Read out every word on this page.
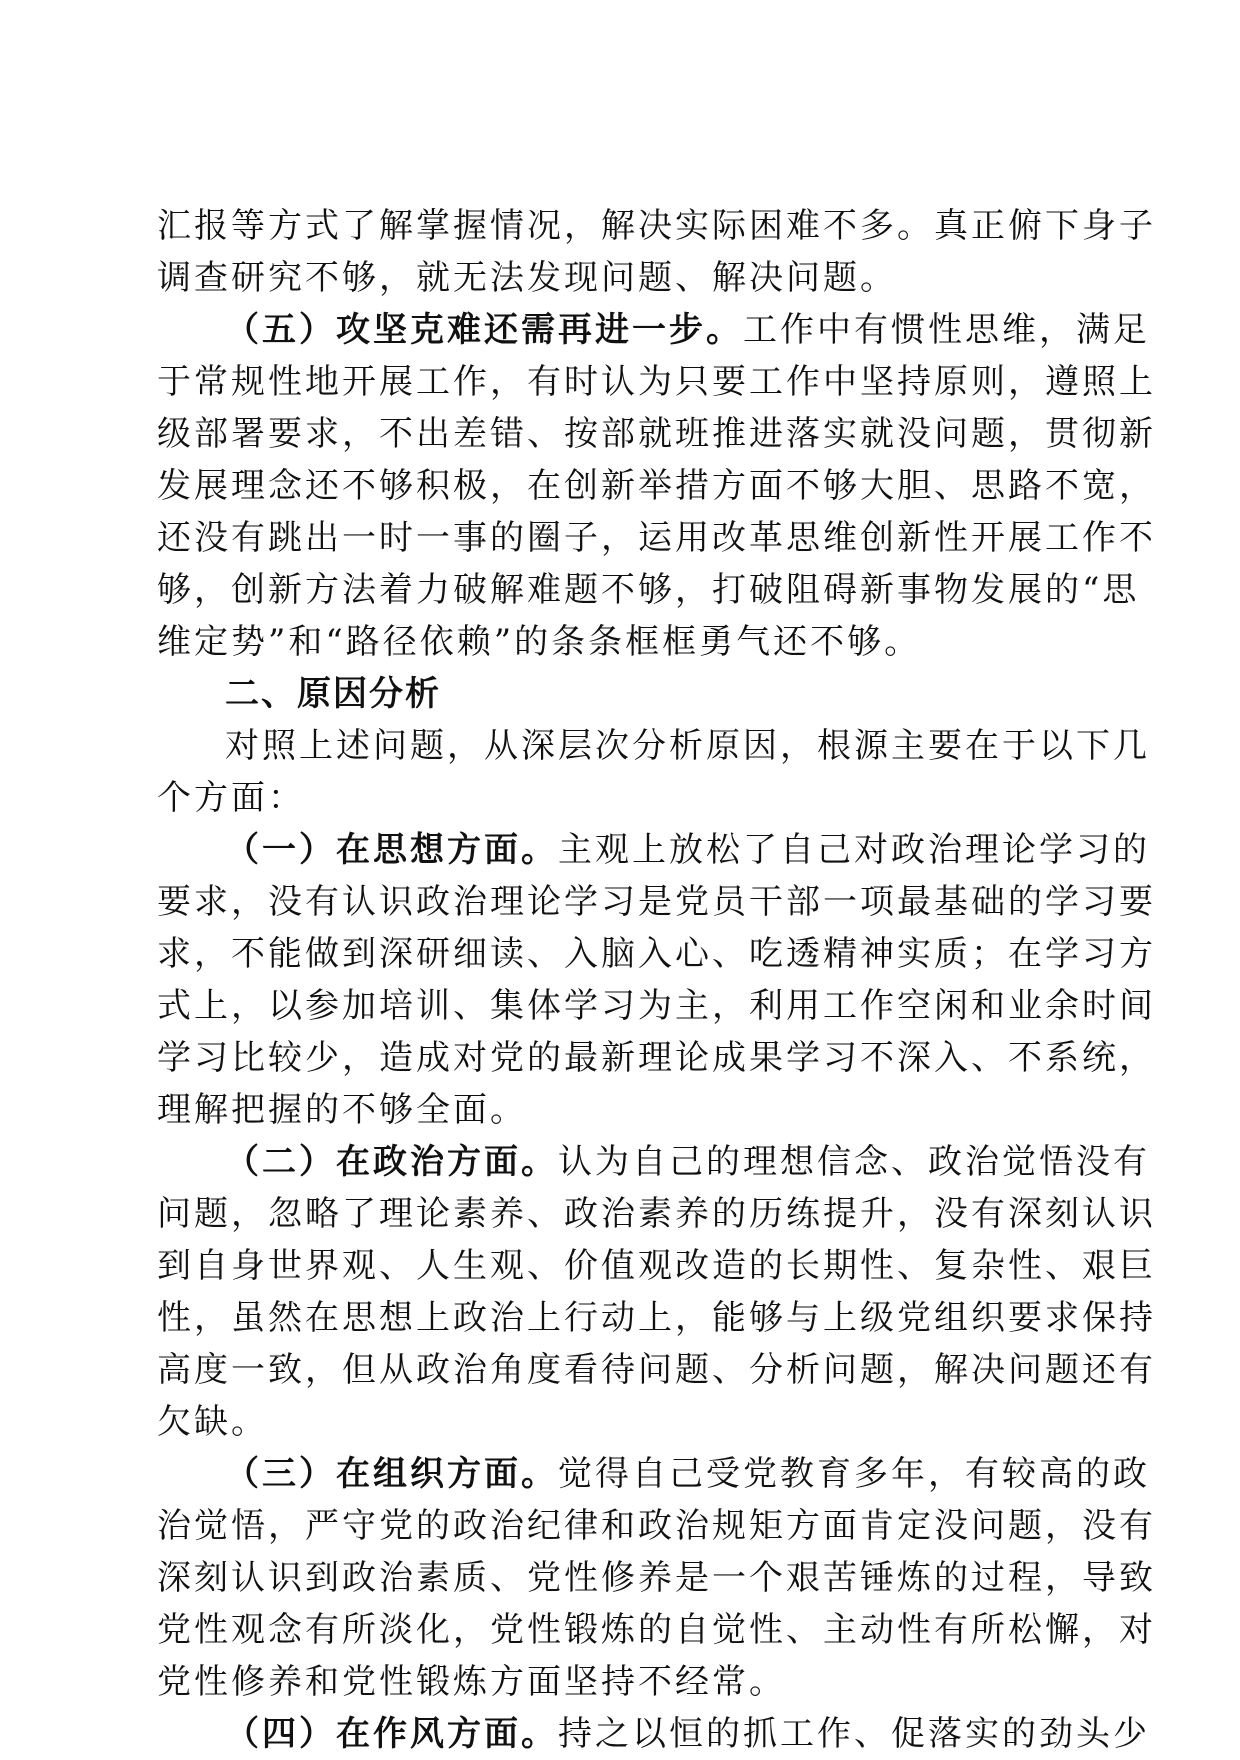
汇报等方式了解掌握情况，解决实际困难不多。真正俯下身子
调查研究不够，就无法发现问题、解决问题。

（五）攻坚克难还需再进一步。工作中有惯性思维，满足
于常规性地开展工作，有时认为只要工作中坚持原则，遵照上
级部署要求，不出差错、按部就班推进落实就没问题，贯彻新
发展理念还不够积极，在创新举措方面不够大胆、思路不宽，
还没有跳出一时一事的圈子，运用改革思维创新性开展工作不
够，创新方法着力破解难题不够，打破阻碍新事物发展的“思
维定势”和“路径依赖”的条条框框勇气还不够。

二、原因分析

对照上述问题，从深层次分析原因，根源主要在于以下几
个方面：

（一）在思想方面。主观上放松了自己对政治理论学习的
要求，没有认识政治理论学习是党员干部一项最基础的学习要
求，不能做到深研细读、入脑入心、吃透精神实质；在学习方
式上，以参加培训、集体学习为主，利用工作空闲和业余时间
学习比较少，造成对党的最新理论成果学习不深入、不系统，
理解把握的不够全面。

（二）在政治方面。认为自己的理想信念、政治觉悟没有
问题，忽略了理论素养、政治素养的历练提升，没有深刻认识
到自身世界观、人生观、价值观改造的长期性、复杂性、艰巨
性，虽然在思想上政治上行动上，能够与上级党组织要求保持
高度一致，但从政治角度看待问题、分析问题，解决问题还有
欠缺。

（三）在组织方面。觉得自己受党教育多年，有较高的政
治觉悟，严守党的政治纪律和政治规矩方面肯定没问题，没有
深刻认识到政治素质、党性修养是一个艰苦锤炼的过程，导致
党性观念有所淡化，党性锻炼的自觉性、主动性有所松懈，对
党性修养和党性锻炼方面坚持不经常。

（四）在作风方面。持之以恒的抓工作、促落实的劲头少
